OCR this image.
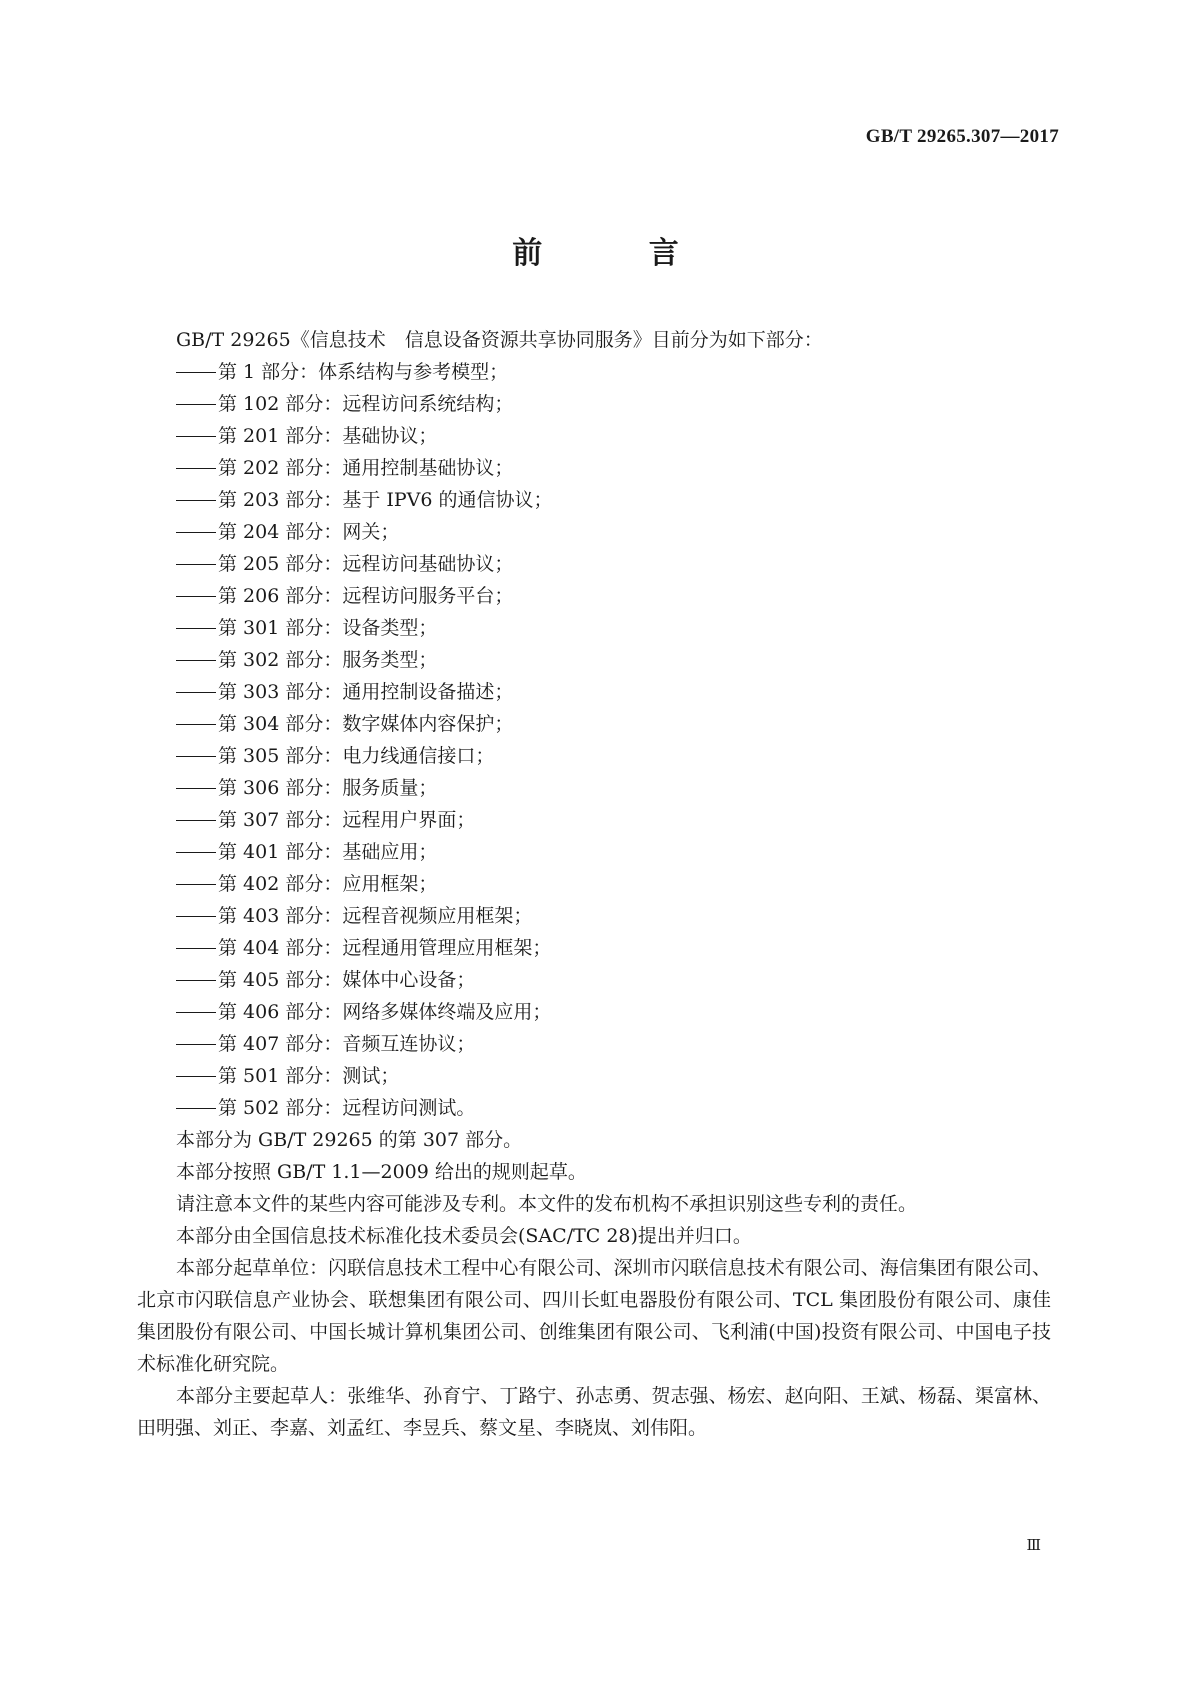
GB/T 29265.307—2017
前 言

GB/T 29265《信息技术　信息设备资源共享协同服务》目前分为如下部分：

第 1 部分：体系结构与参考模型；
第 102 部分：远程访问系统结构；
第 201 部分：基础协议；
第 202 部分：通用控制基础协议；
第 203 部分：基于 IPV6 的通信协议；
第 204 部分：网关；
第 205 部分：远程访问基础协议；
第 206 部分：远程访问服务平台；
第 301 部分：设备类型；
第 302 部分：服务类型；
第 303 部分：通用控制设备描述；
第 304 部分：数字媒体内容保护；
第 305 部分：电力线通信接口；
第 306 部分：服务质量；
第 307 部分：远程用户界面；
第 401 部分：基础应用；
第 402 部分：应用框架；
第 403 部分：远程音视频应用框架；
第 404 部分：远程通用管理应用框架；
第 405 部分：媒体中心设备；
第 406 部分：网络多媒体终端及应用；
第 407 部分：音频互连协议；
第 501 部分：测试；
第 502 部分：远程访问测试。

本部分为 GB/T 29265 的第 307 部分。

本部分按照 GB/T 1.1—2009 给出的规则起草。

请注意本文件的某些内容可能涉及专利。本文件的发布机构不承担识别这些专利的责任。

本部分由全国信息技术标准化技术委员会(SAC/TC 28)提出并归口。

本部分起草单位：闪联信息技术工程中心有限公司、深圳市闪联信息技术有限公司、海信集团有限公司、北京市闪联信息产业协会、联想集团有限公司、四川长虹电器股份有限公司、TCL 集团股份有限公司、康佳集团股份有限公司、中国长城计算机集团公司、创维集团有限公司、飞利浦(中国)投资有限公司、中国电子技术标准化研究院。

本部分主要起草人：张维华、孙育宁、丁路宁、孙志勇、贺志强、杨宏、赵向阳、王斌、杨磊、渠富林、田明强、刘正、李嘉、刘孟红、李昱兵、蔡文星、李晓岚、刘伟阳。

Ⅲ
